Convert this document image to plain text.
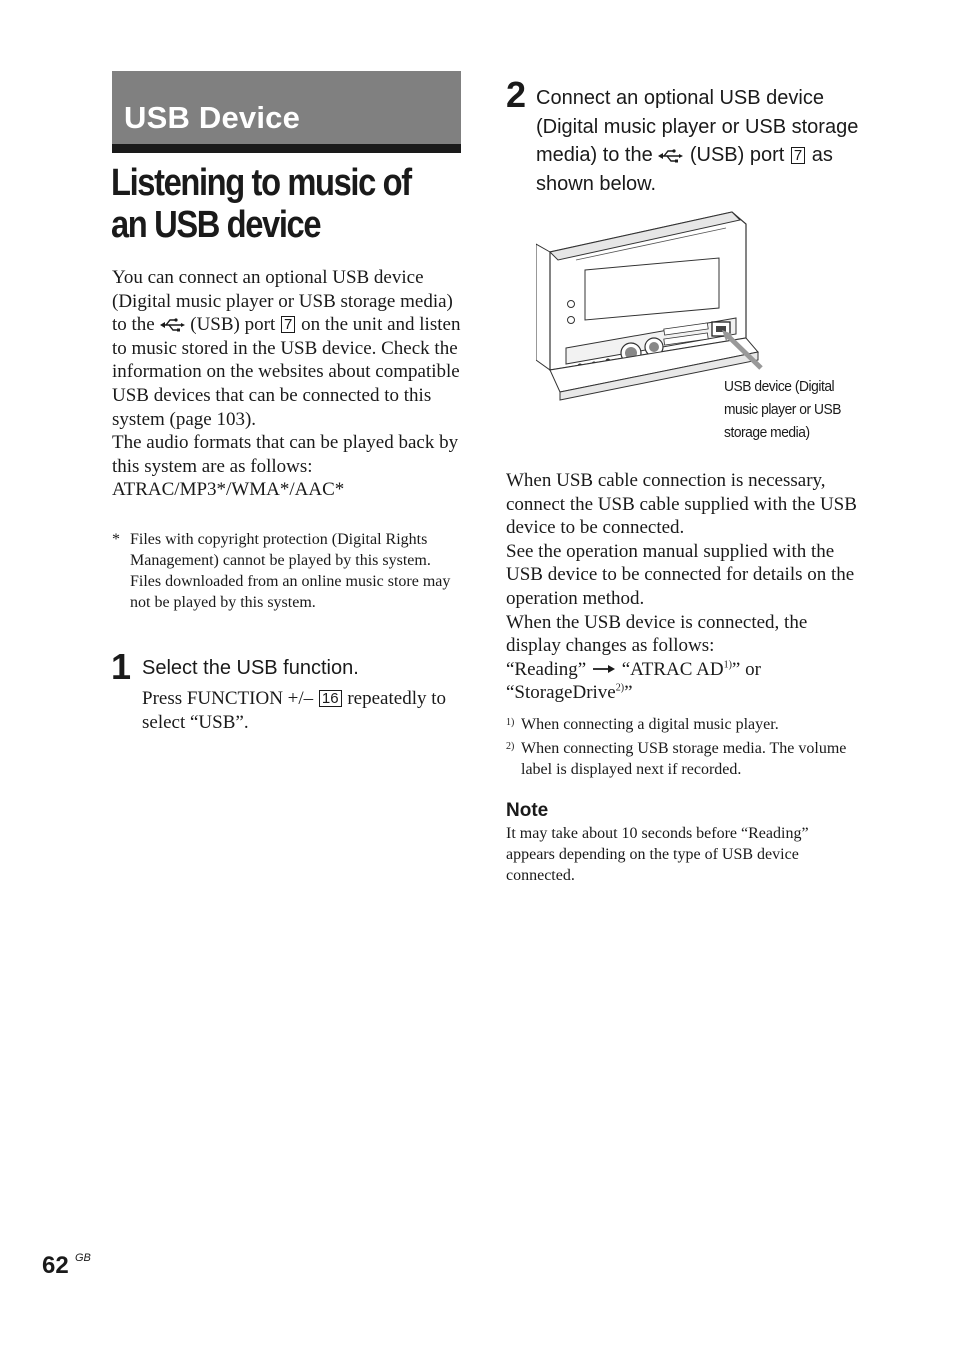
USB Device
Listening to music of
an USB device

You can connect an optional USB device (Digital music player or USB storage media) to the (USB) port 7 on the unit and listen to music stored in the USB device. Check the information on the websites about compatible USB devices that can be connected to this system (page 103).

The audio formats that can be played back by this system are as follows:

ATRAC/MP3*/WMA*/AAC*

* Files with copyright protection (Digital Rights Management) cannot be played by this system.
Files downloaded from an online music store may not be played by this system.
1 Select the USB function.
Press FUNCTION +/– 16 repeatedly to select “USB”.
2 Connect an optional USB device (Digital music player or USB storage media) to the (USB) port 7 as shown below.
USB device (Digital music player or USB storage media)

When USB cable connection is necessary, connect the USB cable supplied with the USB device to be connected.

See the operation manual supplied with the USB device to be connected for details on the operation method.

When the USB device is connected, the display changes as follows:

“Reading” “ATRAC AD$^{1)}$” or
“StorageDrive$^{2)}$”

1) When connecting a digital music player.
2) When connecting USB storage media. The volume label is displayed next if recorded.
Note
It may take about 10 seconds before “Reading” appears depending on the type of USB device connected.
62 GB
